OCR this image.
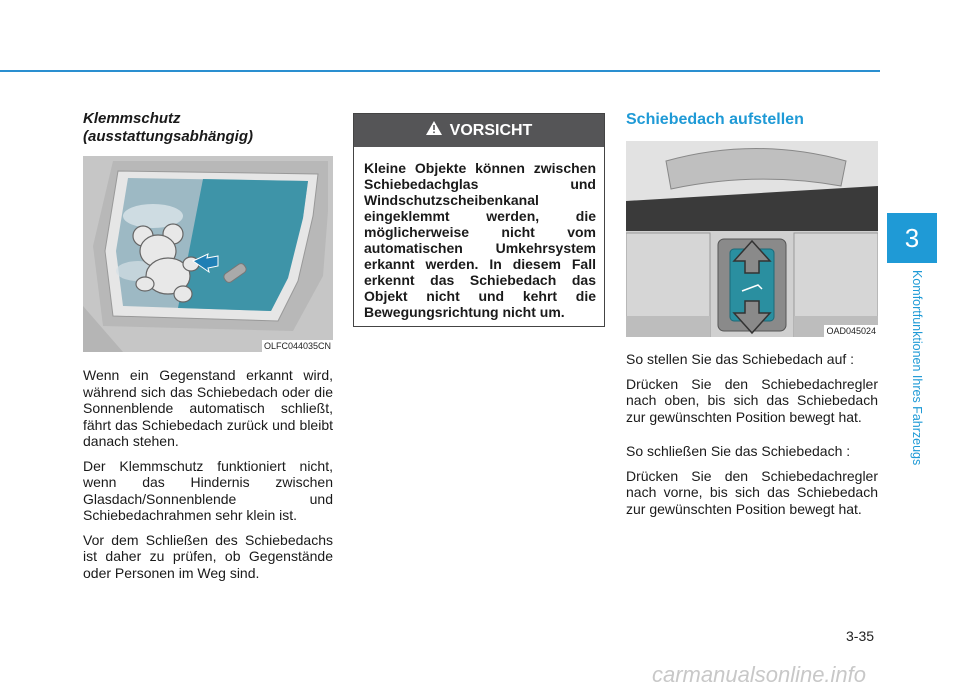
3
Komfortfunktionen Ihres Fahrzeugs
Klemmschutz
(ausstattungsabhängig)
OLFC044035CN

Wenn ein Gegenstand erkannt wird, während sich das Schiebedach oder die Sonnenblende automatisch schließt, fährt das Schiebedach zurück und bleibt danach stehen.

Der Klemmschutz funktioniert nicht, wenn das Hindernis zwischen Glasdach/Sonnenblende und Schiebedachrahmen sehr klein ist.

Vor dem Schließen des Schiebedachs ist daher zu prüfen, ob Gegenstände oder Personen im Weg sind.

VORSICHT
Kleine Objekte können zwischen Schiebedachglas und Windschutzscheibenkanal eingeklemmt werden, die möglicherweise nicht vom automatischen Umkehrsystem erkannt werden. In diesem Fall erkennt das Schiebedach das Objekt nicht und kehrt die Bewegungsrichtung nicht um.
Schiebedach aufstellen
OAD045024

So stellen Sie das Schiebedach auf :

Drücken Sie den Schiebedachregler nach oben, bis sich das Schiebedach zur gewünschten Position bewegt hat.

So schließen Sie das Schiebedach :

Drücken Sie den Schiebedachregler nach vorne, bis sich das Schiebedach zur gewünschten Position bewegt hat.

3-35
carmanualsonline.info
